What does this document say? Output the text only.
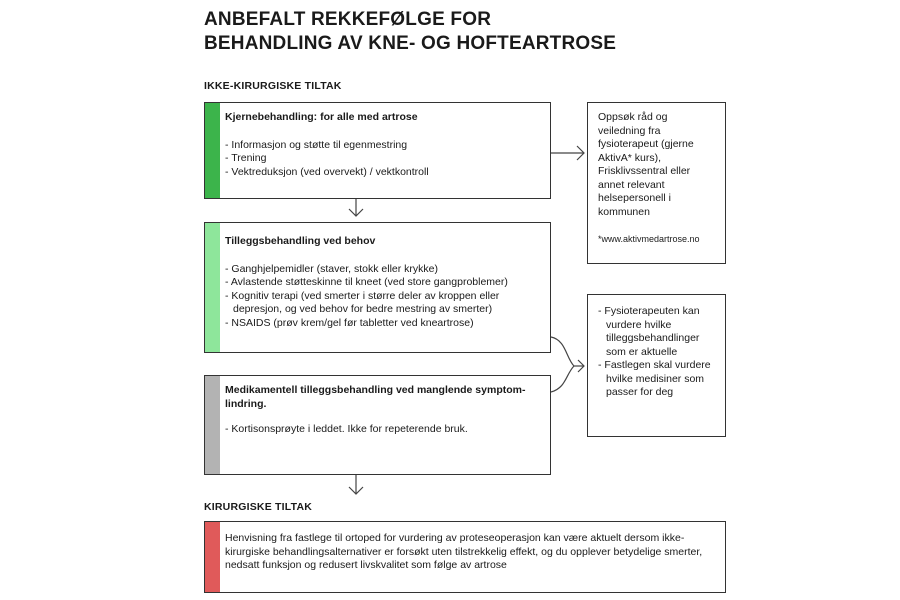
ANBEFALT REKKEFØLGE FOR
BEHANDLING AV KNE- OG HOFTEARTROSE
IKKE-KIRURGISKE TILTAK
Kjernebehandling: for alle med artrose
- Informasjon og støtte til egenmestring
- Trening
- Vektreduksjon (ved overvekt) / vektkontroll
Tilleggsbehandling ved behov
- Ganghjelpemidler (staver, stokk eller krykke)
- Avlastende støtteskinne til kneet (ved store gangproblemer)
- Kognitiv terapi (ved smerter i større deler av kroppen eller depresjon, og ved behov for bedre mestring av smerter)
- NSAIDS (prøv krem/gel før tabletter ved kneartrose)
Medikamentell tilleggsbehandling ved manglende symptom-lindring.
- Kortisonsprøyte i leddet. Ikke for repeterende bruk.
KIRURGISKE TILTAK
Henvisning fra fastlege til ortoped for vurdering av proteseoperasjon kan være aktuelt dersom ikke-kirurgiske behandlingsalternativer er forsøkt uten tilstrekkelig effekt, og du opplever betydelige smerter, nedsatt funksjon og redusert livskvalitet som følge av artrose
Oppsøk råd og veiledning fra fysioterapeut (gjerne AktivA* kurs), Frisklivssentral eller annet relevant helsepersonell i kommunen
*www.aktivmedartrose.no
- Fysioterapeuten kan vurdere hvilke tilleggsbehandlinger som er aktuelle
- Fastlegen skal vurdere hvilke medisiner som passer for deg
